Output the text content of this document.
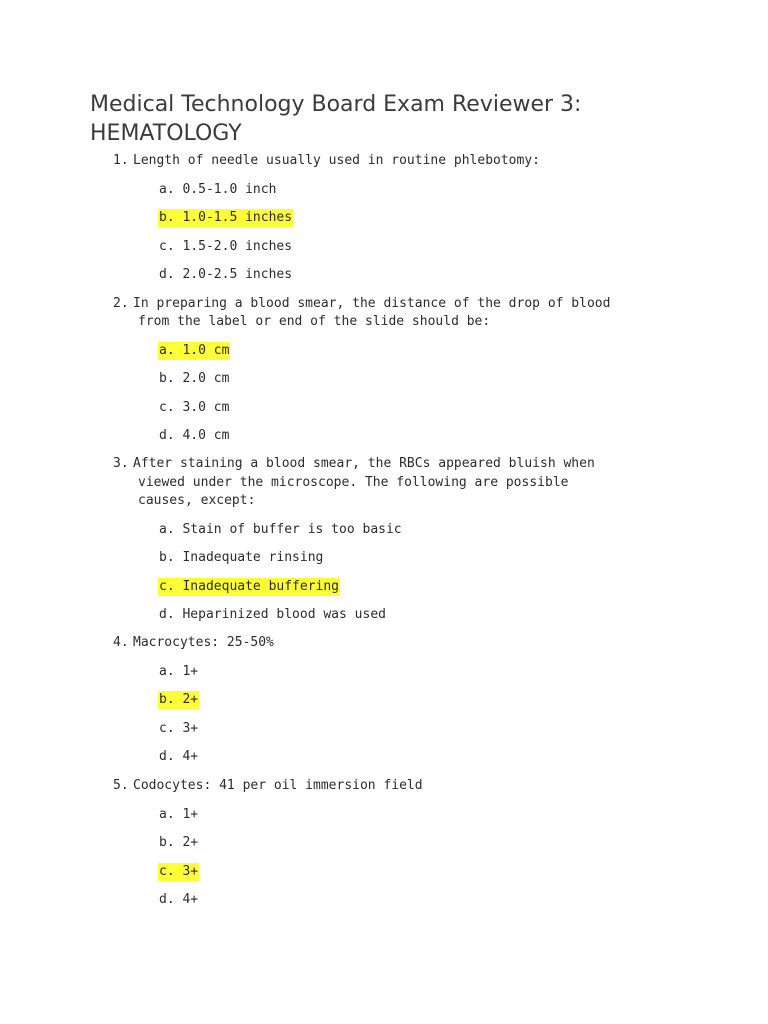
Medical Technology Board Exam Reviewer 3:
HEMATOLOGY
1. Length of needle usually used in routine phlebotomy:
a. 0.5-1.0 inch
b. 1.0-1.5 inches
c. 1.5-2.0 inches
d. 2.0-2.5 inches
2. In preparing a blood smear, the distance of the drop of blood
from the label or end of the slide should be:
a. 1.0 cm
b. 2.0 cm
c. 3.0 cm
d. 4.0 cm
3. After staining a blood smear, the RBCs appeared bluish when
viewed under the microscope. The following are possible
causes, except:
a. Stain of buffer is too basic
b. Inadequate rinsing
c. Inadequate buffering
d. Heparinized blood was used
4. Macrocytes: 25-50%
a. 1+
b. 2+
c. 3+
d. 4+
5. Codocytes: 41 per oil immersion field
a. 1+
b. 2+
c. 3+
d. 4+
